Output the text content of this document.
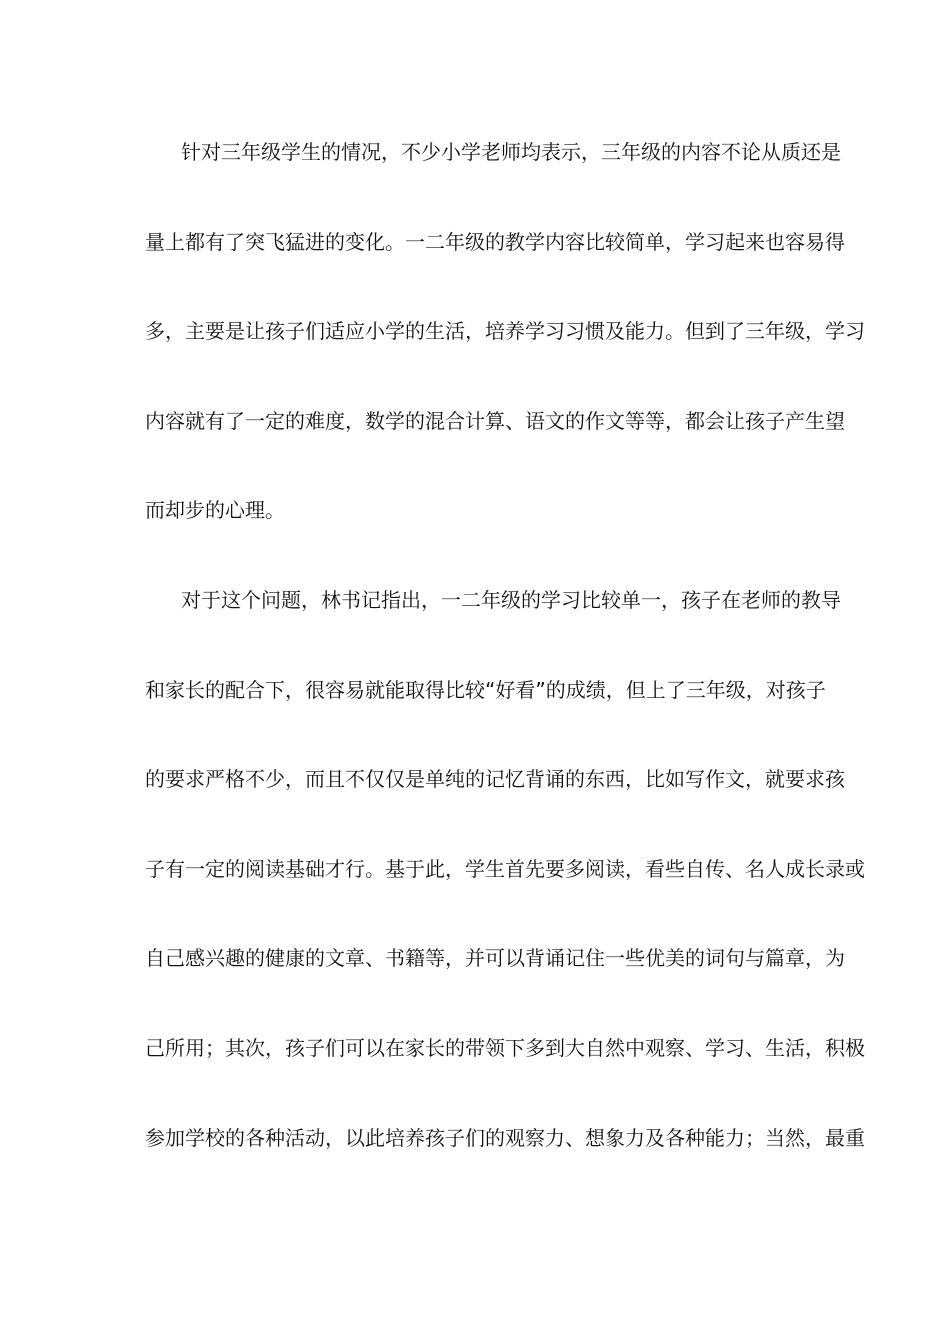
针对三年级学生的情况，不少小学老师均表示，三年级的内容不论从质还是
量上都有了突飞猛进的变化。一二年级的教学内容比较简单，学习起来也容易得
多，主要是让孩子们适应小学的生活，培养学习习惯及能力。但到了三年级，学习
内容就有了一定的难度，数学的混合计算、语文的作文等等，都会让孩子产生望
而却步的心理。
对于这个问题，林书记指出，一二年级的学习比较单一，孩子在老师的教导
和家长的配合下，很容易就能取得比较“好看”的成绩，但上了三年级，对孩子
的要求严格不少，而且不仅仅是单纯的记忆背诵的东西，比如写作文，就要求孩
子有一定的阅读基础才行。基于此，学生首先要多阅读，看些自传、名人成长录或
自己感兴趣的健康的文章、书籍等，并可以背诵记住一些优美的词句与篇章，为
己所用；其次，孩子们可以在家长的带领下多到大自然中观察、学习、生活，积极
参加学校的各种活动，以此培养孩子们的观察力、想象力及各种能力；当然，最重
